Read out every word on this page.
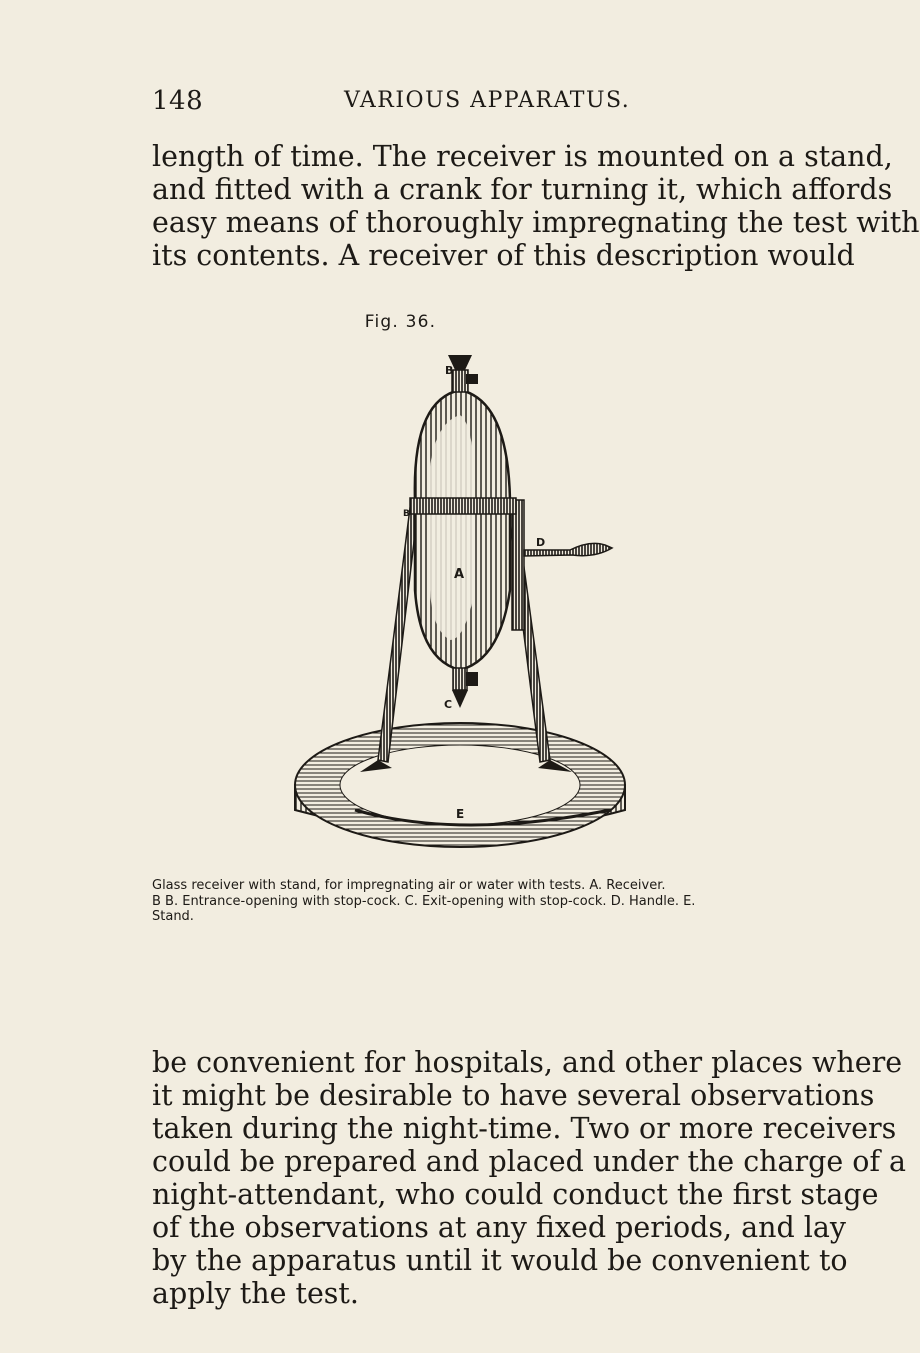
148	VARIOUS APPARATUS.
length of time. The receiver is mounted on a stand,
and fitted with a crank for turning it, which affords
easy means of thoroughly impregnating the test with
its contents. A receiver of this description would
Fig. 36.
B
B
A
C
D
E
Glass receiver with stand, for impregnating air or water with tests. A. Receiver.
B B. Entrance-opening with stop-cock. C. Exit-opening with stop-cock. D. Handle. E.
Stand.
be convenient for hospitals, and other places where
it might be desirable to have several observations
taken during the night-time. Two or more receivers
could be prepared and placed under the charge of a
night-attendant, who could conduct the first stage
of the observations at any fixed periods, and lay
by the apparatus until it would be convenient to
apply the test.
